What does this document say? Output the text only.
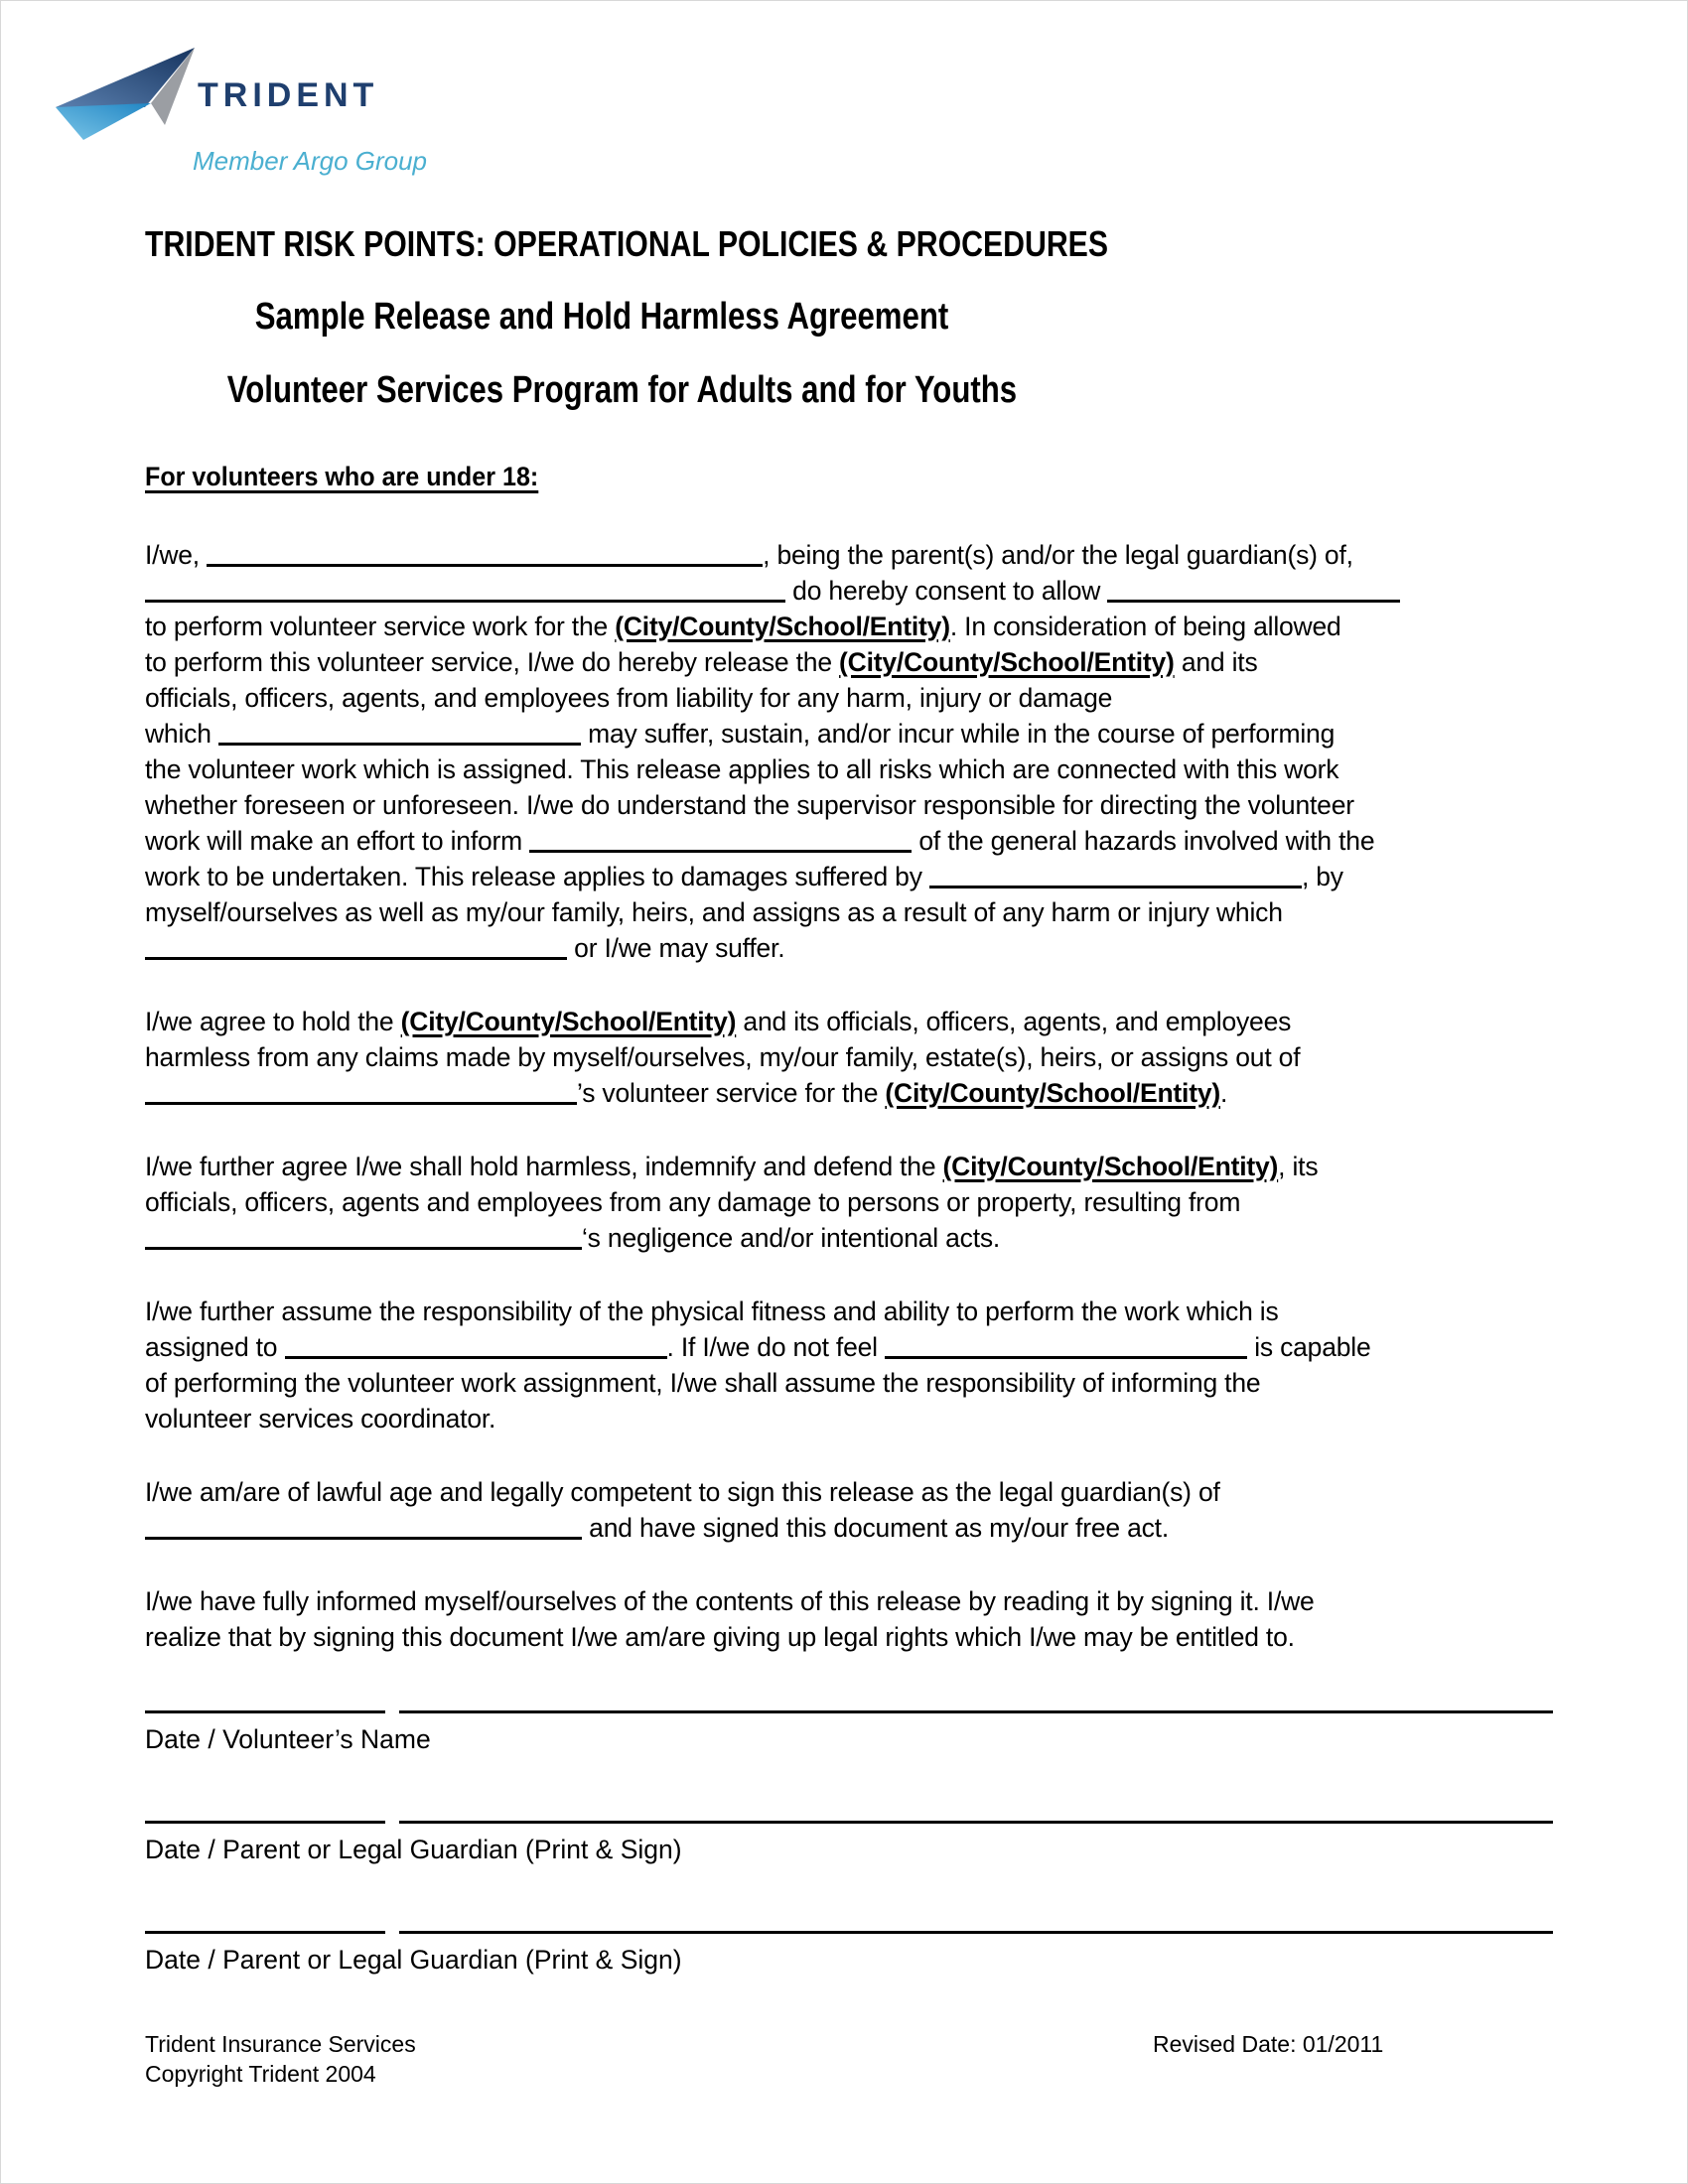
TRIDENT
Member Argo Group
TRIDENT RISK POINTS: OPERATIONAL POLICIES & PROCEDURES
Sample Release and Hold Harmless Agreement
Volunteer Services Program for Adults and for Youths
For volunteers who are under 18:
I/we,	, being the parent(s) and/or the legal guardian(s) of,
do hereby consent to allow
to perform volunteer service work for the (City/County/School/Entity). In consideration of being allowed
to perform this volunteer service, I/we do hereby release the (City/County/School/Entity) and its
officials, officers, agents, and employees from liability for any harm, injury or damage
which	may suffer, sustain, and/or incur while in the course of performing
the volunteer work which is assigned. This release applies to all risks which are connected with this work
whether foreseen or unforeseen. I/we do understand the supervisor responsible for directing the volunteer
work will make an effort to inform	of the general hazards involved with the
work to be undertaken. This release applies to damages suffered by	, by
myself/ourselves as well as my/our family, heirs, and assigns as a result of any harm or injury which
or I/we may suffer.
I/we agree to hold the (City/County/School/Entity) and its officials, officers, agents, and employees
harmless from any claims made by myself/ourselves, my/our family, estate(s), heirs, or assigns out of
’s volunteer service for the (City/County/School/Entity).
I/we further agree I/we shall hold harmless, indemnify and defend the (City/County/School/Entity), its
officials, officers, agents and employees from any damage to persons or property, resulting from
‘s negligence and/or intentional acts.
I/we further assume the responsibility of the physical fitness and ability to perform the work which is
assigned to	. If I/we do not feel	is capable
of performing the volunteer work assignment, I/we shall assume the responsibility of informing the
volunteer services coordinator.
I/we am/are of lawful age and legally competent to sign this release as the legal guardian(s) of
and have signed this document as my/our free act.
I/we have fully informed myself/ourselves of the contents of this release by reading it by signing it. I/we
realize that by signing this document I/we am/are giving up legal rights which I/we may be entitled to.
Date / Volunteer’s Name
Date / Parent or Legal Guardian (Print & Sign)
Date / Parent or Legal Guardian (Print & Sign)
Trident Insurance Services
Copyright Trident 2004
Revised Date: 01/2011
